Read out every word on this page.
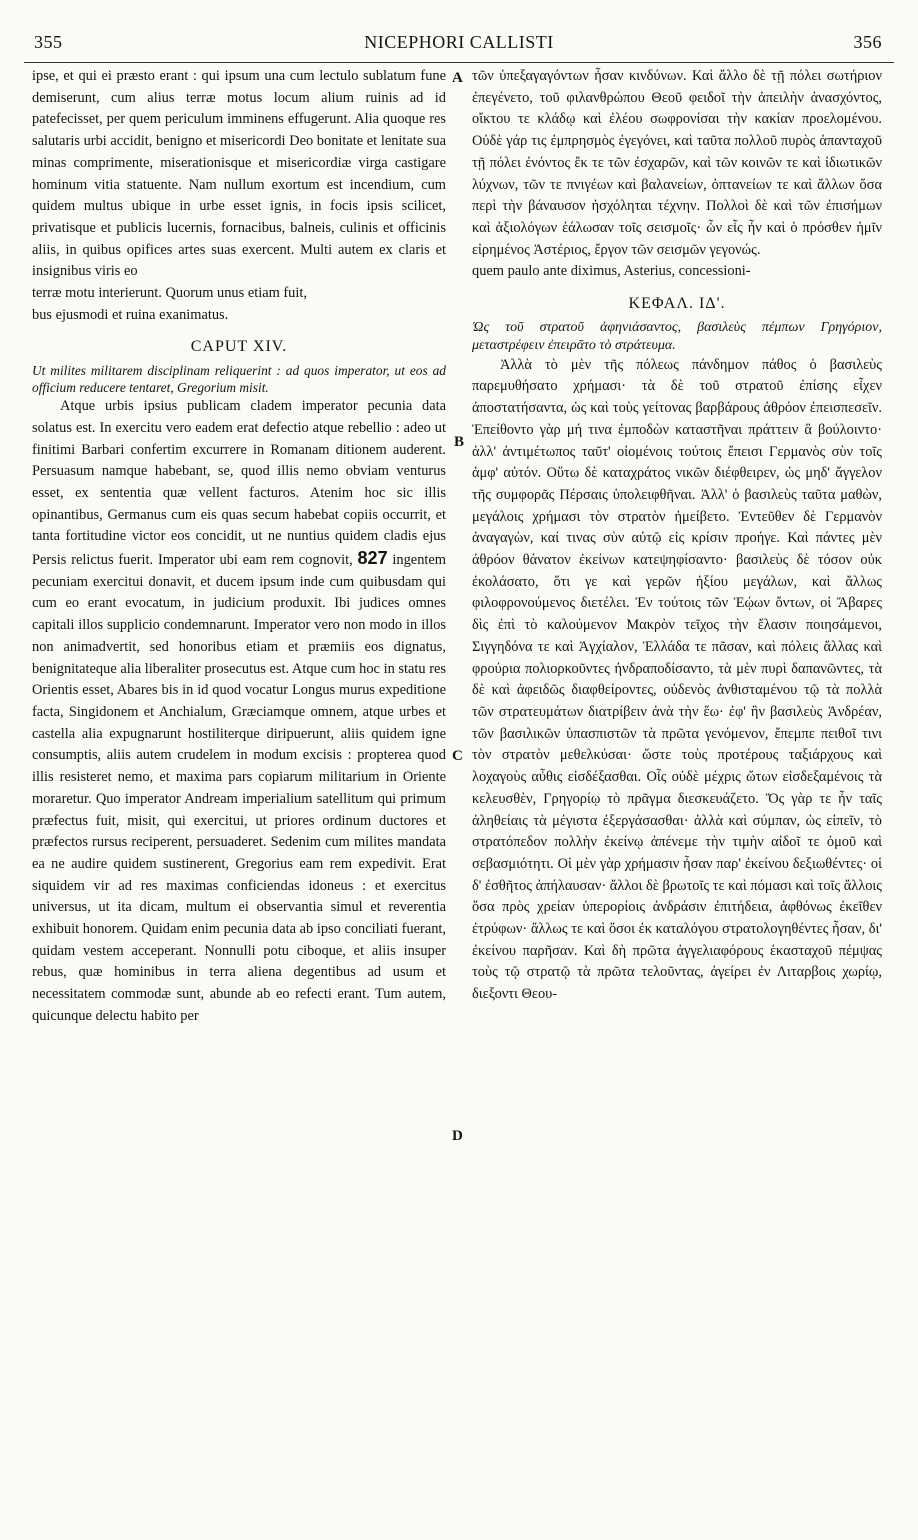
355	NICEPHORI CALLISTI	356
A
B
C
D

ipse, et qui ei præsto erant : qui ipsum una cum lectulo sublatum fune demiserunt, cum alius terræ motus locum alium ruinis ad id patefecisset, per quem periculum imminens effugerunt. Alia quoque res salutaris urbi accidit, benigno et misericordi Deo bonitate et lenitate sua minas comprimente, miserationisque et misericordiæ virga castigare hominum vitia statuente. Nam nullum exortum est incendium, cum quidem multus ubique in urbe esset ignis, in focis ipsis scilicet, privatisque et publicis lucernis, fornacibus, balneis, culinis et officinis aliis, in quibus opifices artes suas exercent. Multi autem ex claris et insignibus viris eo

terræ motu interierunt. Quorum unus etiam fuit,

bus ejusmodi et ruina exanimatus.

CAPUT XIV.

Ut milites militarem disciplinam reliquerint : ad quos imperator, ut eos ad officium reducere tentaret, Gregorium misit.

Atque urbis ipsius publicam cladem imperator pecunia data solatus est. In exercitu vero eadem erat defectio atque rebellio : adeo ut finitimi Barbari confertim excurrere in Romanam ditionem auderent. Persuasum namque habebant, se, quod illis nemo obviam venturus esset, ex sententia quæ vellent facturos. Atenim hoc sic illis opinantibus, Germanus cum eis quas secum habebat copiis occurrit, et tanta fortitudine victor eos concidit, ut ne nuntius quidem cladis ejus Persis relictus fuerit. Imperator ubi eam rem cognovit, 827 ingentem pecuniam exercitui donavit, et ducem ipsum inde cum quibusdam qui cum eo erant evocatum, in judicium produxit. Ibi judices omnes capitali illos supplicio condemnarunt. Imperator vero non modo in illos non animadvertit, sed honoribus etiam et præmiis eos dignatus, benignitateque alia liberaliter prosecutus est. Atque cum hoc in statu res Orientis esset, Abares bis in id quod vocatur Longus murus expeditione facta, Singidonem et Anchialum, Græciamque omnem, atque urbes et castella alia expugnarunt hostiliterque diripuerunt, aliis quidem igne consumptis, aliis autem crudelem in modum excisis : propterea quod illis resisteret nemo, et maxima pars copiarum militarium in Oriente moraretur. Quo imperator Andream imperialium satellitum qui primum præfectus fuit, misit, qui exercitui, ut priores ordinum ductores et præfectos rursus reciperent, persuaderet. Sedenim cum milites mandata ea ne audire quidem sustinerent, Gregorius eam rem expedivit. Erat siquidem vir ad res maximas conficiendas idoneus : et exercitus universus, ut ita dicam, multum ei observantia simul et reverentia exhibuit honorem. Quidam enim pecunia data ab ipso conciliati fuerant, quidam vestem acceperant. Nonnulli potu ciboque, et aliis insuper rebus, quæ hominibus in terra aliena degentibus ad usum et necessitatem commodæ sunt, abunde ab eo refecti erant. Tum autem, quicunque delectu habito per

τῶν ὑπεξαγαγόντων ἦσαν κινδύνων. Καὶ ἄλλο δὲ τῇ πόλει σωτήριον ἐπεγένετο, τοῦ φιλανθρώπου Θεοῦ φειδοῖ τὴν ἀπειλὴν ἀνασχόντος, οἴκτου τε κλάδῳ καὶ ἐλέου σωφρονίσαι τὴν κακίαν προελομένου. Οὐδὲ γάρ τις ἐμπρησμὸς ἐγεγόνει, καὶ ταῦτα πολλοῦ πυρὸς ἁπανταχοῦ τῇ πόλει ἐνόντος ἔκ τε τῶν ἐσχαρῶν, καὶ τῶν κοινῶν τε καὶ ἰδιωτικῶν λύχνων, τῶν τε πνιγέων καὶ βαλανείων, ὀπτανείων τε καὶ ἄλλων ὅσα περὶ τὴν βάναυσον ἠσχόληται τέχνην. Πολλοὶ δὲ καὶ τῶν ἐπισήμων καὶ ἀξιολόγων ἑάλωσαν τοῖς σεισμοῖς· ὧν εἷς ἦν καὶ ὁ πρόσθεν ἡμῖν εἰρημένος Ἀστέριος, ἔργον τῶν σεισμῶν γεγονώς.

quem paulo ante diximus, Asterius, concessioni-

ΚΕΦΑΛ. ΙΔ'.

Ὡς τοῦ στρατοῦ ἀφηνιάσαντος, βασιλεὺς πέμπων Γρηγόριον, μεταστρέφειν ἐπειρᾶτο τὸ στράτευμα.

Ἀλλὰ τὸ μὲν τῆς πόλεως πάνδημον πάθος ὁ βασιλεὺς παρεμυθήσατο χρήμασι· τὰ δὲ τοῦ στρατοῦ ἐπίσης εἶχεν ἀποστατήσαντα, ὡς καὶ τοὺς γείτονας βαρβάρους ἀθρόον ἐπεισπεσεῖν. Ἐπείθοντο γὰρ μή τινα ἐμποδὼν καταστῆναι πράττειν ἃ βούλοιντο· ἀλλ' ἀντιμέτωπος ταῦτ' οἰομένοις τούτοις ἔπεισι Γερμανὸς σὺν τοῖς ἀμφ' αὐτόν. Οὕτω δὲ καταχράτος νικῶν διέφθειρεν, ὡς μηδ' ἄγγελον τῆς συμφορᾶς Πέρσαις ὑπολειφθῆναι. Ἀλλ' ὁ βασιλεὺς ταῦτα μαθὼν, μεγάλοις χρήμασι τὸν στρατὸν ἠμείβετο. Ἐντεῦθεν δὲ Γερμανὸν ἀναγαγὼν, καί τινας σὺν αὐτῷ εἰς κρίσιν προήγε. Καὶ πάντες μὲν ἀθρόον θάνατον ἐκείνων κατεψηφίσαντο· βασιλεὺς δὲ τόσον οὐκ ἐκολάσατο, ὅτι γε καὶ γερῶν ἠξίου μεγάλων, καὶ ἄλλως φιλοφρονούμενος διετέλει. Ἐν τούτοις τῶν Ἑῴων ὄντων, οἱ Ἄβαρες δὶς ἐπὶ τὸ καλούμενον Μακρὸν τεῖχος τὴν ἔλασιν ποιησάμενοι, Σιγγηδόνα τε καὶ Ἀγχίαλον, Ἑλλάδα τε πᾶσαν, καὶ πόλεις ἄλλας καὶ φρούρια πολιορκοῦντες ἠνδραποδίσαντο, τὰ μὲν πυρὶ δαπανῶντες, τὰ δὲ καὶ ἀφειδῶς διαφθείροντες, οὐδενὸς ἀνθισταμένου τῷ τὰ πολλὰ τῶν στρατευμάτων διατρίβειν ἀνὰ τὴν ἕω· ἐφ' ἣν βασιλεὺς Ἀνδρέαν, τῶν βασιλικῶν ὑπασπιστῶν τὰ πρῶτα γενόμενον, ἔπεμπε πειθοῖ τινι τὸν στρατὸν μεθελκύσαι· ὥστε τοὺς προτέρους ταξιάρχους καὶ λοχαγοὺς αὖθις εἰσδέξασθαι. Οἷς οὐδὲ μέχρις ὤτων εἰσδεξαμένοις τὰ κελευσθὲν, Γρηγορίῳ τὸ πρᾶγμα διεσκευάζετο. Ὅς γὰρ τε ἦν ταῖς ἀληθείαις τὰ μέγιστα ἐξεργάσασθαι· ἀλλὰ καὶ σύμπαν, ὡς εἰπεῖν, τὸ στρατόπεδον πολλὴν ἐκείνῳ ἀπένεμε τὴν τιμὴν αἰδοῖ τε ὁμοῦ καὶ σεβασμιότητι. Οἱ μὲν γὰρ χρήμασιν ἦσαν παρ' ἐκείνου δεξιωθέντες· οἱ δ' ἐσθῆτος ἀπήλαυσαν· ἄλλοι δὲ βρωτοῖς τε καὶ πόμασι καὶ τοῖς ἄλλοις ὅσα πρὸς χρείαν ὑπερορίοις ἀνδράσιν ἐπιτήδεια, ἀφθόνως ἐκεῖθεν ἐτρύφων· ἄλλως τε καὶ ὅσοι ἐκ καταλόγου στρατολογηθέντες ἦσαν, δι' ἐκείνου παρῆσαν. Καὶ δὴ πρῶτα ἀγγελιαφόρους ἑκασταχοῦ πέμψας τοὺς τῷ στρατῷ τὰ πρῶτα τελοῦντας, ἀγείρει ἐν Λιταρβοις χωρίῳ, διεξοντι Θεου-
